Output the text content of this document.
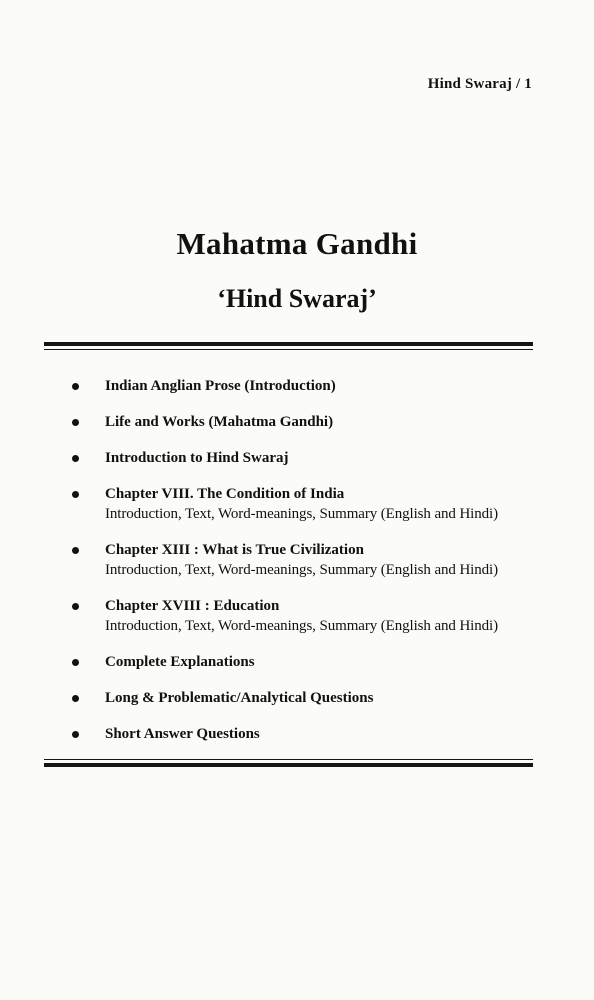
Hind Swaraj / 1
Mahatma Gandhi
‘Hind Swaraj’
Indian Anglian Prose (Introduction)
Life and Works (Mahatma Gandhi)
Introduction to Hind Swaraj
Chapter VIII. The Condition of India
Introduction, Text, Word-meanings, Summary (English and Hindi)
Chapter XIII : What is True Civilization
Introduction, Text, Word-meanings, Summary (English and Hindi)
Chapter XVIII : Education
Introduction, Text, Word-meanings, Summary (English and Hindi)
Complete Explanations
Long & Problematic/Analytical Questions
Short Answer Questions
